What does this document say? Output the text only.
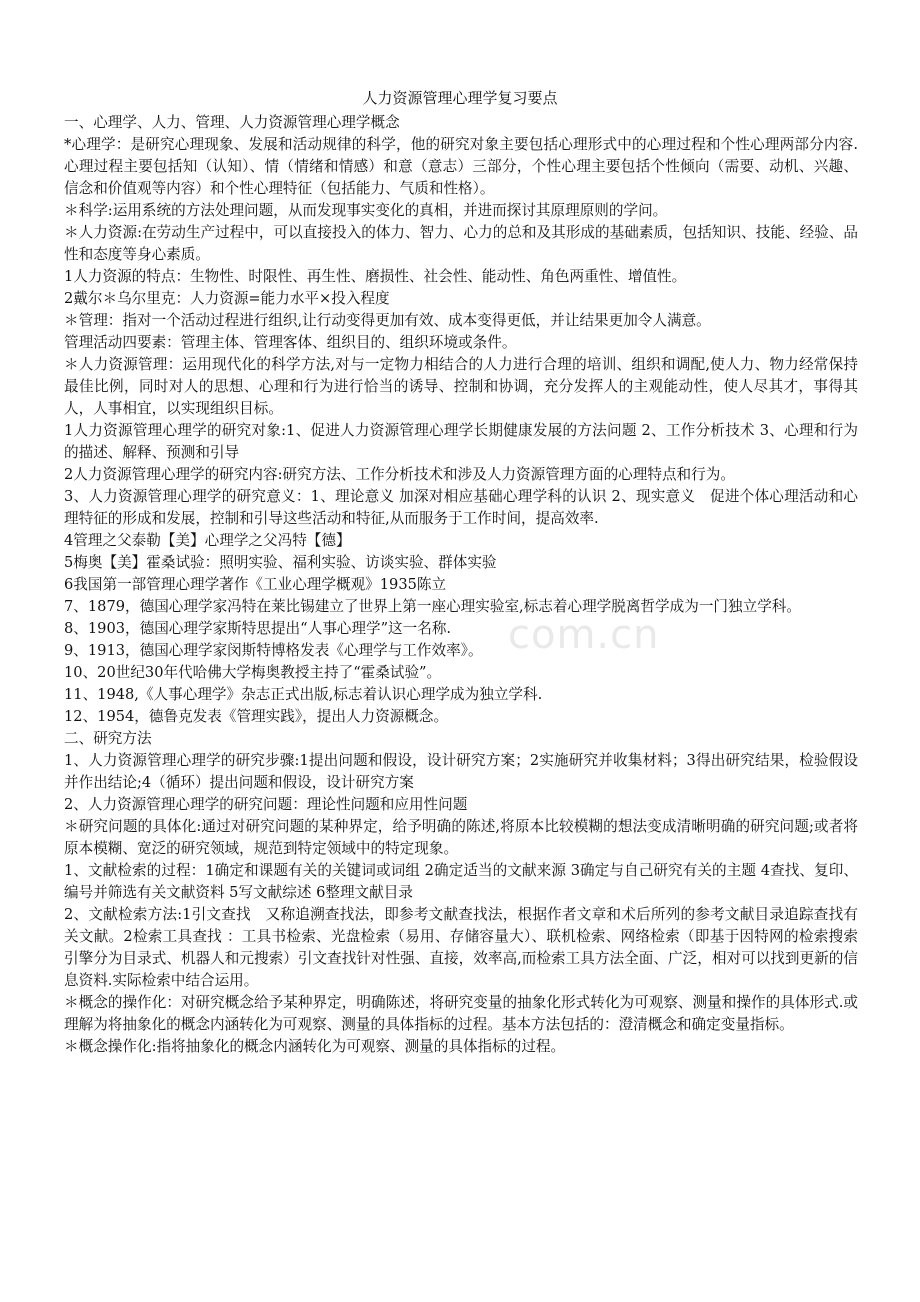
com.cn
人力资源管理心理学复习要点

一、心理学、人力、管理、人力资源管理心理学概念

*心理学：是研究心理现象、发展和活动规律的科学，他的研究对象主要包括心理形式中的心理过程和个性心理两部分内容.心理过程主要包括知（认知）、情（情绪和情感）和意（意志）三部分，个性心理主要包括个性倾向（需要、动机、兴趣、信念和价值观等内容）和个性心理特征（包括能力、气质和性格）。

＊科学:运用系统的方法处理问题，从而发现事实变化的真相，并进而探讨其原理原则的学问。

＊人力资源:在劳动生产过程中，可以直接投入的体力、智力、心力的总和及其形成的基础素质，包括知识、技能、经验、品性和态度等身心素质。

1人力资源的特点：生物性、时限性、再生性、磨损性、社会性、能动性、角色两重性、增值性。

2戴尔＊乌尔里克：人力资源=能力水平×投入程度

＊管理：指对一个活动过程进行组织,让行动变得更加有效、成本变得更低，并让结果更加令人满意。

管理活动四要素：管理主体、管理客体、组织目的、组织环境或条件。

＊人力资源管理：运用现代化的科学方法,对与一定物力相结合的人力进行合理的培训、组织和调配,使人力、物力经常保持最佳比例，同时对人的思想、心理和行为进行恰当的诱导、控制和协调，充分发挥人的主观能动性，使人尽其才，事得其人，人事相宜，以实现组织目标。

1人力资源管理心理学的研究对象:1、促进人力资源管理心理学长期健康发展的方法问题 2、工作分析技术 3、心理和行为的描述、解释、预测和引导

2人力资源管理心理学的研究内容:研究方法、工作分析技术和涉及人力资源管理方面的心理特点和行为。

3、人力资源管理心理学的研究意义：1、理论意义 加深对相应基础心理学科的认识 2、现实意义　促进个体心理活动和心理特征的形成和发展，控制和引导这些活动和特征,从而服务于工作时间，提高效率.

4管理之父泰勒【美】心理学之父冯特【德】

5梅奥【美】霍桑试验：照明实验、福利实验、访谈实验、群体实验

6我国第一部管理心理学著作《工业心理学概观》1935陈立

7、1879，德国心理学家冯特在莱比锡建立了世界上第一座心理实验室,标志着心理学脱离哲学成为一门独立学科。

8、1903，德国心理学家斯特思提出“人事心理学”这一名称.

9、1913，德国心理学家闵斯特博格发表《心理学与工作效率》。

10、20世纪30年代哈佛大学梅奥教授主持了“霍桑试验”。

11、1948,《人事心理学》杂志正式出版,标志着认识心理学成为独立学科.

12、1954，德鲁克发表《管理实践》，提出人力资源概念。

二、研究方法

1、人力资源管理心理学的研究步骤:1提出问题和假设，设计研究方案；2实施研究并收集材料；3得出研究结果，检验假设并作出结论;4（循环）提出问题和假设，设计研究方案

2、人力资源管理心理学的研究问题：理论性问题和应用性问题

＊研究问题的具体化:通过对研究问题的某种界定，给予明确的陈述,将原本比较模糊的想法变成清晰明确的研究问题;或者将原本模糊、宽泛的研究领域，规范到特定领域中的特定现象。

1、文献检索的过程：1确定和课题有关的关键词或词组 2确定适当的文献来源 3确定与自己研究有关的主题 4查找、复印、编号并筛选有关文献资料 5写文献综述 6整理文献目录

2、文献检索方法:1引文查找　又称追溯查找法，即参考文献查找法，根据作者文章和术后所列的参考文献目录追踪查找有关文献。2检索工具查找 ：工具书检索、光盘检索（易用、存储容量大）、联机检索、网络检索（即基于因特网的检索搜索引擎分为目录式、机器人和元搜索）引文查找针对性强、直接，效率高,而检索工具方法全面、广泛，相对可以找到更新的信息资料.实际检索中结合运用。

＊概念的操作化：对研究概念给予某种界定，明确陈述，将研究变量的抽象化形式转化为可观察、测量和操作的具体形式.或理解为将抽象化的概念内涵转化为可观察、测量的具体指标的过程。基本方法包括的：澄清概念和确定变量指标。

＊概念操作化:指将抽象化的概念内涵转化为可观察、测量的具体指标的过程。
